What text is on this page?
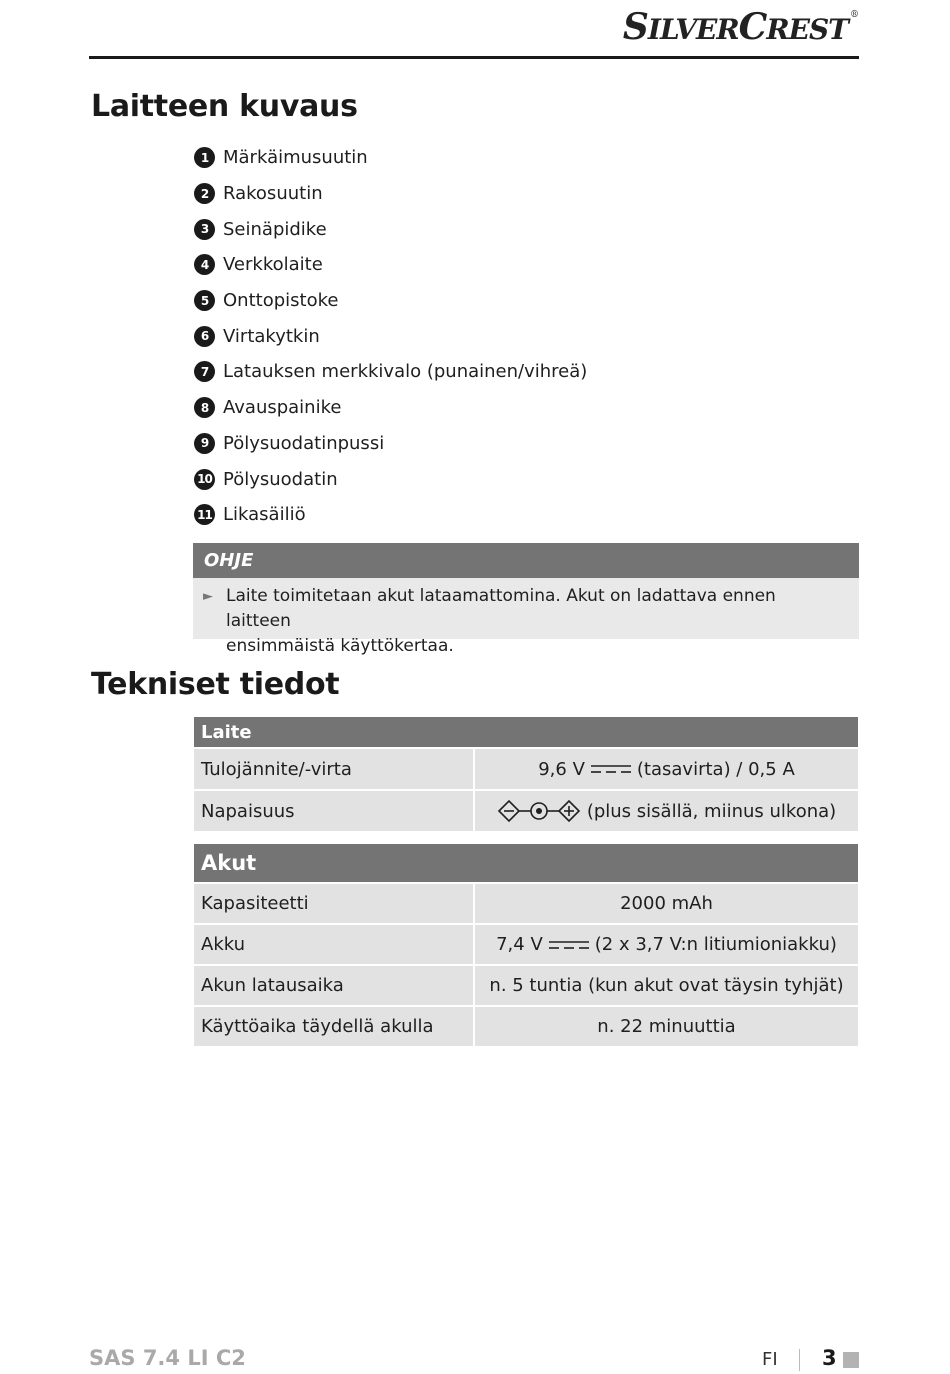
SILVERCREST ®
Laitteen kuvaus
1 Märkäimusuutin
2 Rakosuutin
3 Seinäpidike
4 Verkkolaite
5 Onttopistoke
6 Virtakytkin
7 Latauksen merkkivalo (punainen/vihreä)
8 Avauspainike
9 Pölysuodatinpussi
10 Pölysuodatin
11 Likasäiliö
OHJE
► Laite toimitetaan akut lataamattomina. Akut on ladattava ennen laitteen
ensimmäistä käyttökertaa.
Tekniset tiedot
Laite
Tulojännite/-virta	9,6 V	(tasavirta) / 0,5 A
Napaisuus	(plus sisällä, miinus ulkona)
Akut
Kapasiteetti	2000 mAh
Akku	7,4 V	(2 x 3,7 V:n litiumioniakku)
Akun latausaika	n. 5 tuntia (kun akut ovat täysin tyhjät)
Käyttöaika täydellä akulla	n. 22 minuuttia
SAS 7.4 LI C2	FI 3
